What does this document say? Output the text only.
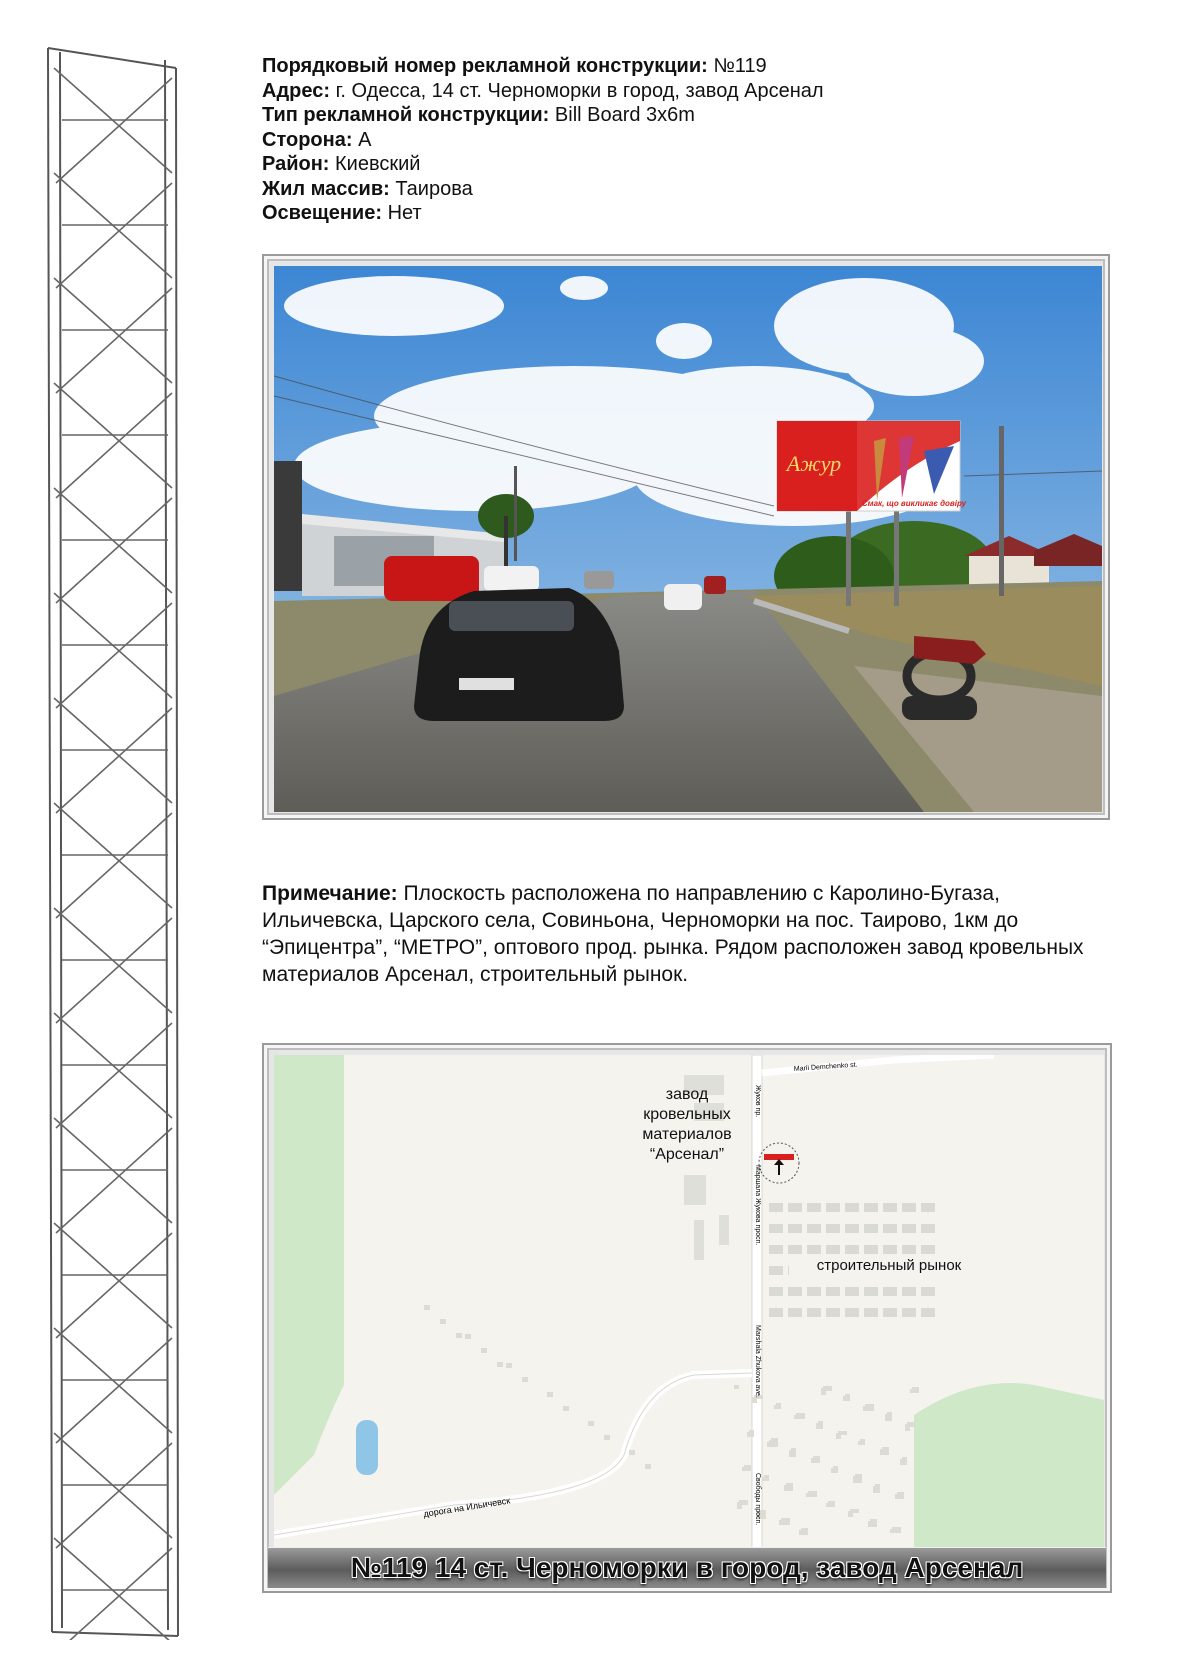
Порядковый номер рекламной конструкции: №119
Адрес: г. Одесса, 14 ст. Черноморки в город, завод Арсенал
Тип рекламной конструкции: Bill Board 3x6m
Сторона: А
Район: Киевский
Жил массив: Таирова
Освещение: Нет
Ажур
Смак, що викликає довіру
Примечание: Плоскость расположена по направлению с Каролино-Бугаза, Ильичевска, Царского села, Совиньона, Черноморки на пос. Таирово, 1км до “Эпицентра”, “МЕТРО”, оптового прод. рынка. Рядом расположен завод кровельных материалов Арсенал, строительный рынок.
дорога на Ильичевск
Marii Demchenko st.
Жуков пр.
Маршала Жукова просп.
Marshala Zhukova ave.
Свободы просп.
завод
кровельных
материалов
“Арсенал”
строительный рынок
№119 14 ст. Черноморки в город, завод Арсенал
